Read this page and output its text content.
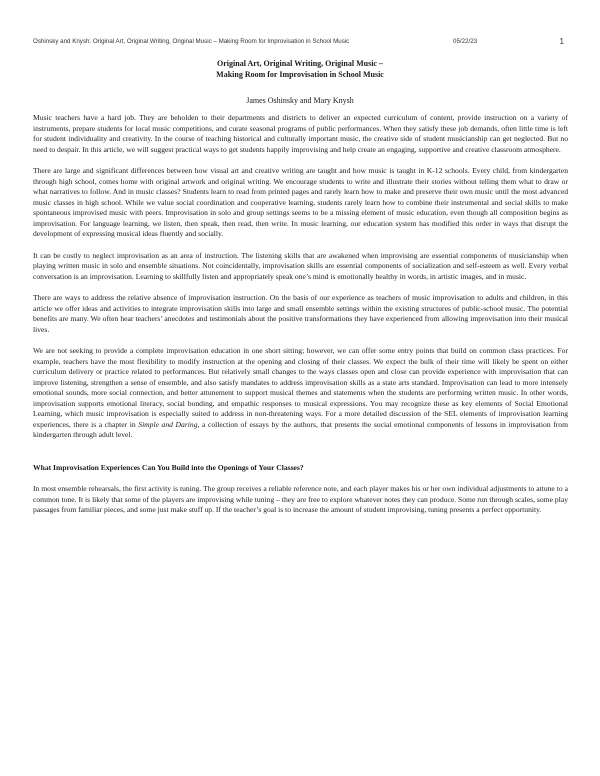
Oshinsky and Knysh: Original Art, Original Writing, Original Music – Making Room for Improvisation in School Music	05/22/23	1
Original Art, Original Writing, Original Music –
Making Room for Improvisation in School Music
James Oshinsky and Mary Knysh

Music teachers have a hard job. They are beholden to their departments and districts to deliver an expected curriculum of content, provide instruction on a variety of instruments, prepare students for local music competitions, and curate seasonal programs of public performances. When they satisfy these job demands, often little time is left for student individuality and creativity. In the course of teaching historical and culturally important music, the creative side of student musicianship can get neglected. But no need to despair. In this article, we will suggest practical ways to get students happily improvising and help create an engaging, supportive and creative classroom atmosphere.

There are large and significant differences between how visual art and creative writing are taught and how music is taught in K-12 schools. Every child, from kindergarten through high school, comes home with original artwork and original writing. We encourage students to write and illustrate their stories without telling them what to draw or what narratives to follow. And in music classes? Students learn to read from printed pages and rarely learn how to make and preserve their own music until the most advanced music classes in high school. While we value social coordination and cooperative learning, students rarely learn how to combine their instrumental and social skills to make spontaneous improvised music with peers. Improvisation in solo and group settings seems to be a missing element of music education, even though all composition begins as improvisation. For language learning, we listen, then speak, then read, then write. In music learning, our education system has modified this order in ways that disrupt the development of expressing musical ideas fluently and socially.

It can be costly to neglect improvisation as an area of instruction. The listening skills that are awakened when improvising are essential components of musicianship when playing written music in solo and ensemble situations. Not coincidentally, improvisation skills are essential components of socialization and self-esteem as well. Every verbal conversation is an improvisation. Learning to skillfully listen and appropriately speak one’s mind is emotionally healthy in words, in artistic images, and in music.

There are ways to address the relative absence of improvisation instruction. On the basis of our experience as teachers of music improvisation to adults and children, in this article we offer ideas and activities to integrate improvisation skills into large and small ensemble settings within the existing structures of public-school music. The potential benefits are many. We often hear teachers’ anecdotes and testimonials about the positive transformations they have experienced from allowing improvisation into their musical lives.

We are not seeking to provide a complete improvisation education in one short sitting; however, we can offer some entry points that build on common class practices. For example, teachers have the most flexibility to modify instruction at the opening and closing of their classes. We expect the bulk of their time will likely be spent on either curriculum delivery or practice related to performances. But relatively small changes to the ways classes open and close can provide experience with improvisation that can improve listening, strengthen a sense of ensemble, and also satisfy mandates to address improvisation skills as a state arts standard. Improvisation can lead to more intensely emotional sounds, more social connection, and better attunement to support musical themes and statements when the students are performing written music. In other words, improvisation supports emotional literacy, social bonding, and empathic responses to musical expressions. You may recognize these as key elements of Social Emotional Learning, which music improvisation is especially suited to address in non-threatening ways. For a more detailed discussion of the SEL elements of improvisation learning experiences, there is a chapter in Simple and Daring, a collection of essays by the authors, that presents the social emotional components of lessons in improvisation from kindergarten through adult level.

What Improvisation Experiences Can You Build into the Openings of Your Classes?

In most ensemble rehearsals, the first activity is tuning. The group receives a reliable reference note, and each player makes his or her own individual adjustments to attune to a common tone. It is likely that some of the players are improvising while tuning – they are free to explore whatever notes they can produce. Some run through scales, some play passages from familiar pieces, and some just make stuff up. If the teacher’s goal is to increase the amount of student improvising, tuning presents a perfect opportunity.
